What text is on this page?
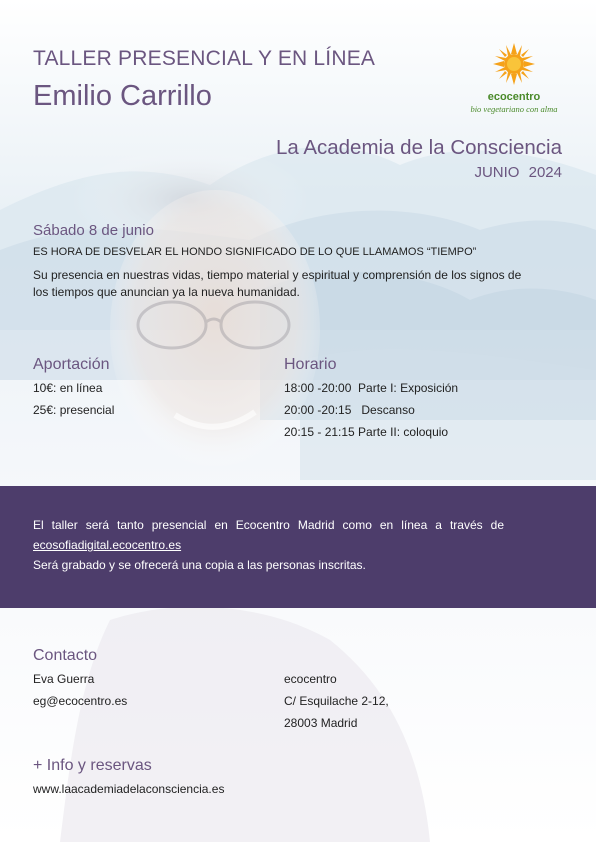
TALLER PRESENCIAL Y EN LÍNEA
Emilio Carrillo	ecocentro
bio vegetariano con alma
La Academia de la Consciencia
JUNIO 2024
Sábado 8 de junio
ES HORA DE DESVELAR EL HONDO SIGNIFICADO DE LO QUE LLAMAMOS “TIEMPO”
Su presencia en nuestras vidas, tiempo material y espiritual y comprensión de los signos de los tiempos que anuncian ya la nueva humanidad.
Aportación
10€: en línea
25€: presencial
Horario
18:00 -20:00  Parte I: Exposición
20:00 -20:15   Descanso
20:15 - 21:15 Parte II: coloquio
El taller será tanto presencial en Ecocentro Madrid como en línea a través de
ecosofiadigital.ecocentro.es
Será grabado y se ofrecerá una copia a las personas inscritas.
Contacto
Eva Guerra
eg@ecocentro.es
ecocentro
C/ Esquilache 2-12,
28003 Madrid
+ Info y reservas
www.laacademiadelaconsciencia.es
